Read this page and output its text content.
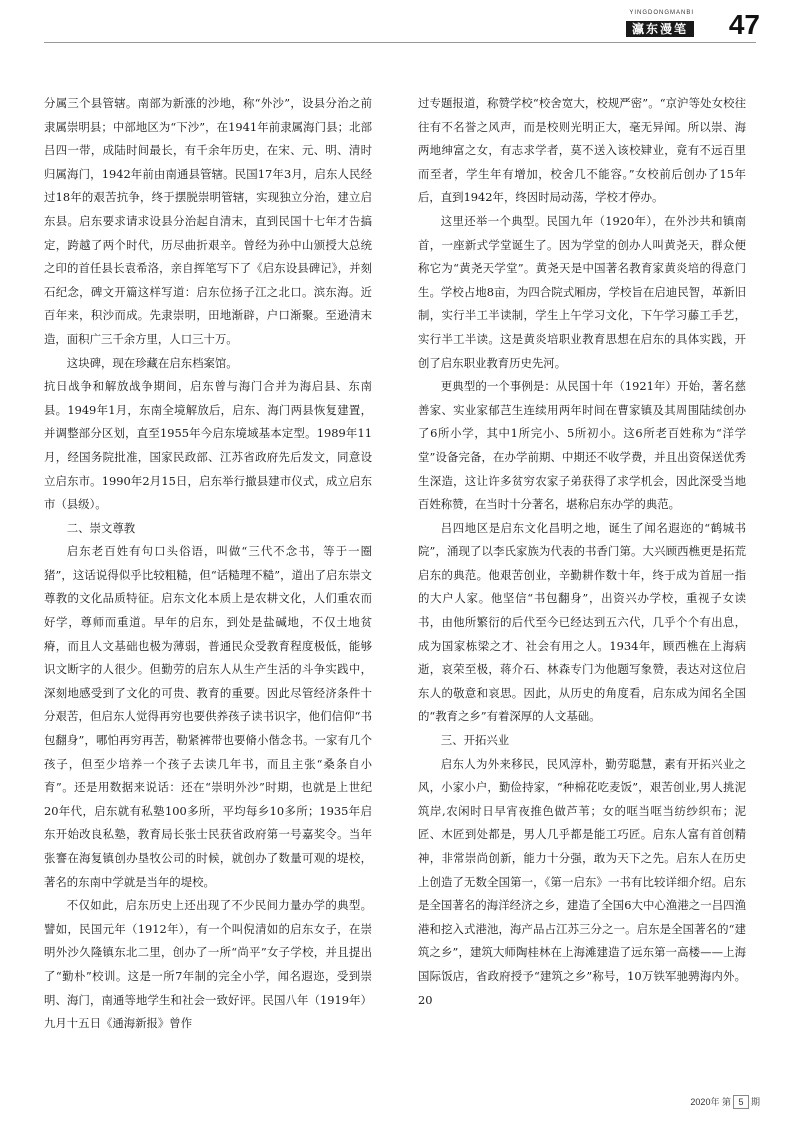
YINGDONGMANBI
瀛东漫笔 47

分属三个县管辖。南部为新涨的沙地，称“外沙”，设县分治之前隶属崇明县；中部地区为“下沙”，在1941年前隶属海门县；北部吕四一带，成陆时间最长，有千余年历史，在宋、元、明、清时归属海门，1942年前由南通县管辖。民国17年3月，启东人民经过18年的艰苦抗争，终于摆脱崇明管辖，实现独立分治，建立启东县。启东要求请求设县分治起自清末，直到民国十七年才告搞定，跨越了两个时代，历尽曲折艰辛。曾经为孙中山颁授大总统之印的首任县长袁希洛，亲自挥笔写下了《启东设县碑记》，并刻石纪念，碑文开篇这样写道：启东位扬子江之北口。滨东海。近百年来，积沙而成。先隶崇明，田地渐辟，户口渐聚。至逊清末造，面积广三千余方里，人口三十万。

这块碑，现在珍藏在启东档案馆。

抗日战争和解放战争期间，启东曾与海门合并为海启县、东南县。1949年1月，东南全境解放后，启东、海门两县恢复建置，并调整部分区划，直至1955年今启东境域基本定型。1989年11月，经国务院批准，国家民政部、江苏省政府先后发文，同意设立启东市。1990年2月15日，启东举行撤县建市仪式，成立启东市（县级）。

二、崇文尊教

启东老百姓有句口头俗语，叫做“三代不念书，等于一圈猪”，这话说得似乎比较粗糙，但“话糙理不糙”，道出了启东崇文尊教的文化品质特征。启东文化本质上是农耕文化，人们重农而好学，尊师而重道。早年的启东，到处是盐碱地，不仅土地贫瘠，而且人文基础也极为薄弱，普通民众受教育程度极低，能够识文断字的人很少。但勤劳的启东人从生产生活的斗争实践中，深刻地感受到了文化的可贵、教育的重要。因此尽管经济条件十分艰苦，但启东人觉得再穷也要供养孩子读书识字，他们信仰“书包翻身”，哪怕再穷再苦，勒紧裤带也要脩小偕念书。一家有几个孩子，但至少培养一个孩子去读几年书，而且主张“桑条自小育”。还是用数据来说话：还在“崇明外沙”时期，也就是上世纪20年代，启东就有私塾100多所，平均每乡10多所；1935年启东开始改良私塾，教育局长张士民获省政府第一号嘉奖令。当年张謇在海复镇创办垦牧公司的时候，就创办了数量可观的堤校，著名的东南中学就是当年的堤校。

不仅如此，启东历史上还出现了不少民间力量办学的典型。譬如，民国元年（1912年），有一个叫倪清如的启东女子，在崇明外沙久隆镇东北二里，创办了一所“尚平”女子学校，并且提出了“勤朴”校训。这是一所7年制的完全小学，闻名遐迩，受到崇明、海门，南通等地学生和社会一致好评。民国八年（1919年）九月十五日《通海新报》曾作

过专题报道，称赞学校“校舍宽大，校规严密”。“京沪等处女校往往有不名誉之风声，而是校则光明正大，毫无异闻。所以崇、海两地绅富之女，有志求学者，莫不送入该校肄业，竟有不远百里而至者，学生年有增加，校舍几不能容。”女校前后创办了15年后，直到1942年，终因时局动荡，学校才停办。

这里还举一个典型。民国九年（1920年），在外沙共和镇南首，一座新式学堂诞生了。因为学堂的创办人叫黄尧天，群众便称它为“黄尧天学堂”。黄尧天是中国著名教育家黄炎培的得意门生。学校占地8亩，为四合院式厢房，学校旨在启迪民智，革新旧制，实行半工半读制，学生上午学习文化，下午学习藤工手艺，实行半工半读。这是黄炎培职业教育思想在启东的具体实践，开创了启东职业教育历史先河。

更典型的一个事例是：从民国十年（1921年）开始，著名慈善家、实业家郁芑生连续用两年时间在曹家镇及其周围陆续创办了6所小学，其中1所完小、5所初小。这6所老百姓称为“洋学堂”设备完备，在办学前期、中期还不收学费，并且出资保送优秀生深造，这让许多贫穷农家子弟获得了求学机会，因此深受当地百姓称赞，在当时十分著名，堪称启东办学的典范。

吕四地区是启东文化昌明之地，诞生了闻名遐迩的“鹤城书院”，涌现了以李氏家族为代表的书香门第。大兴顾西樵更是拓荒启东的典范。他艰苦创业，辛勤耕作数十年，终于成为首屈一指的大户人家。他坚信“书包翻身”，出资兴办学校，重视子女读书，由他所繁衍的后代至今已经达到五六代，几乎个个有出息，成为国家栋梁之才、社会有用之人。1934年，顾西樵在上海病逝，哀荣至极，蒋介石、林森专门为他题写象赞，表达对这位启东人的敬意和哀思。因此，从历史的角度看，启东成为闻名全国的“教育之乡”有着深厚的人文基础。

三、开拓兴业

启东人为外来移民，民风淳朴，勤劳聪慧，素有开拓兴业之风，小家小户，勤俭持家，“种棉花吃麦饭”，艰苦创业,男人挑泥筑岸,农闲时日早宵夜推色做芦苇；女的哐当哐当纺纱织布；泥匠、木匠到处都是，男人几乎都是能工巧匠。启东人富有首创精神，非常崇尚创新，能力十分强，敢为天下之先。启东人在历史上创造了无数全国第一，《第一启东》一书有比较详细介绍。启东是全国著名的海洋经济之乡，建造了全国6大中心渔港之一吕四渔港和挖入式港池，海产品占江苏三分之一。启东是全国著名的“建筑之乡”，建筑大师陶桂林在上海滩建造了远东第一高楼——上海国际饭店，省政府授予“建筑之乡”称号，10万铁军驰骋海内外。20

2020年 第 5 期
